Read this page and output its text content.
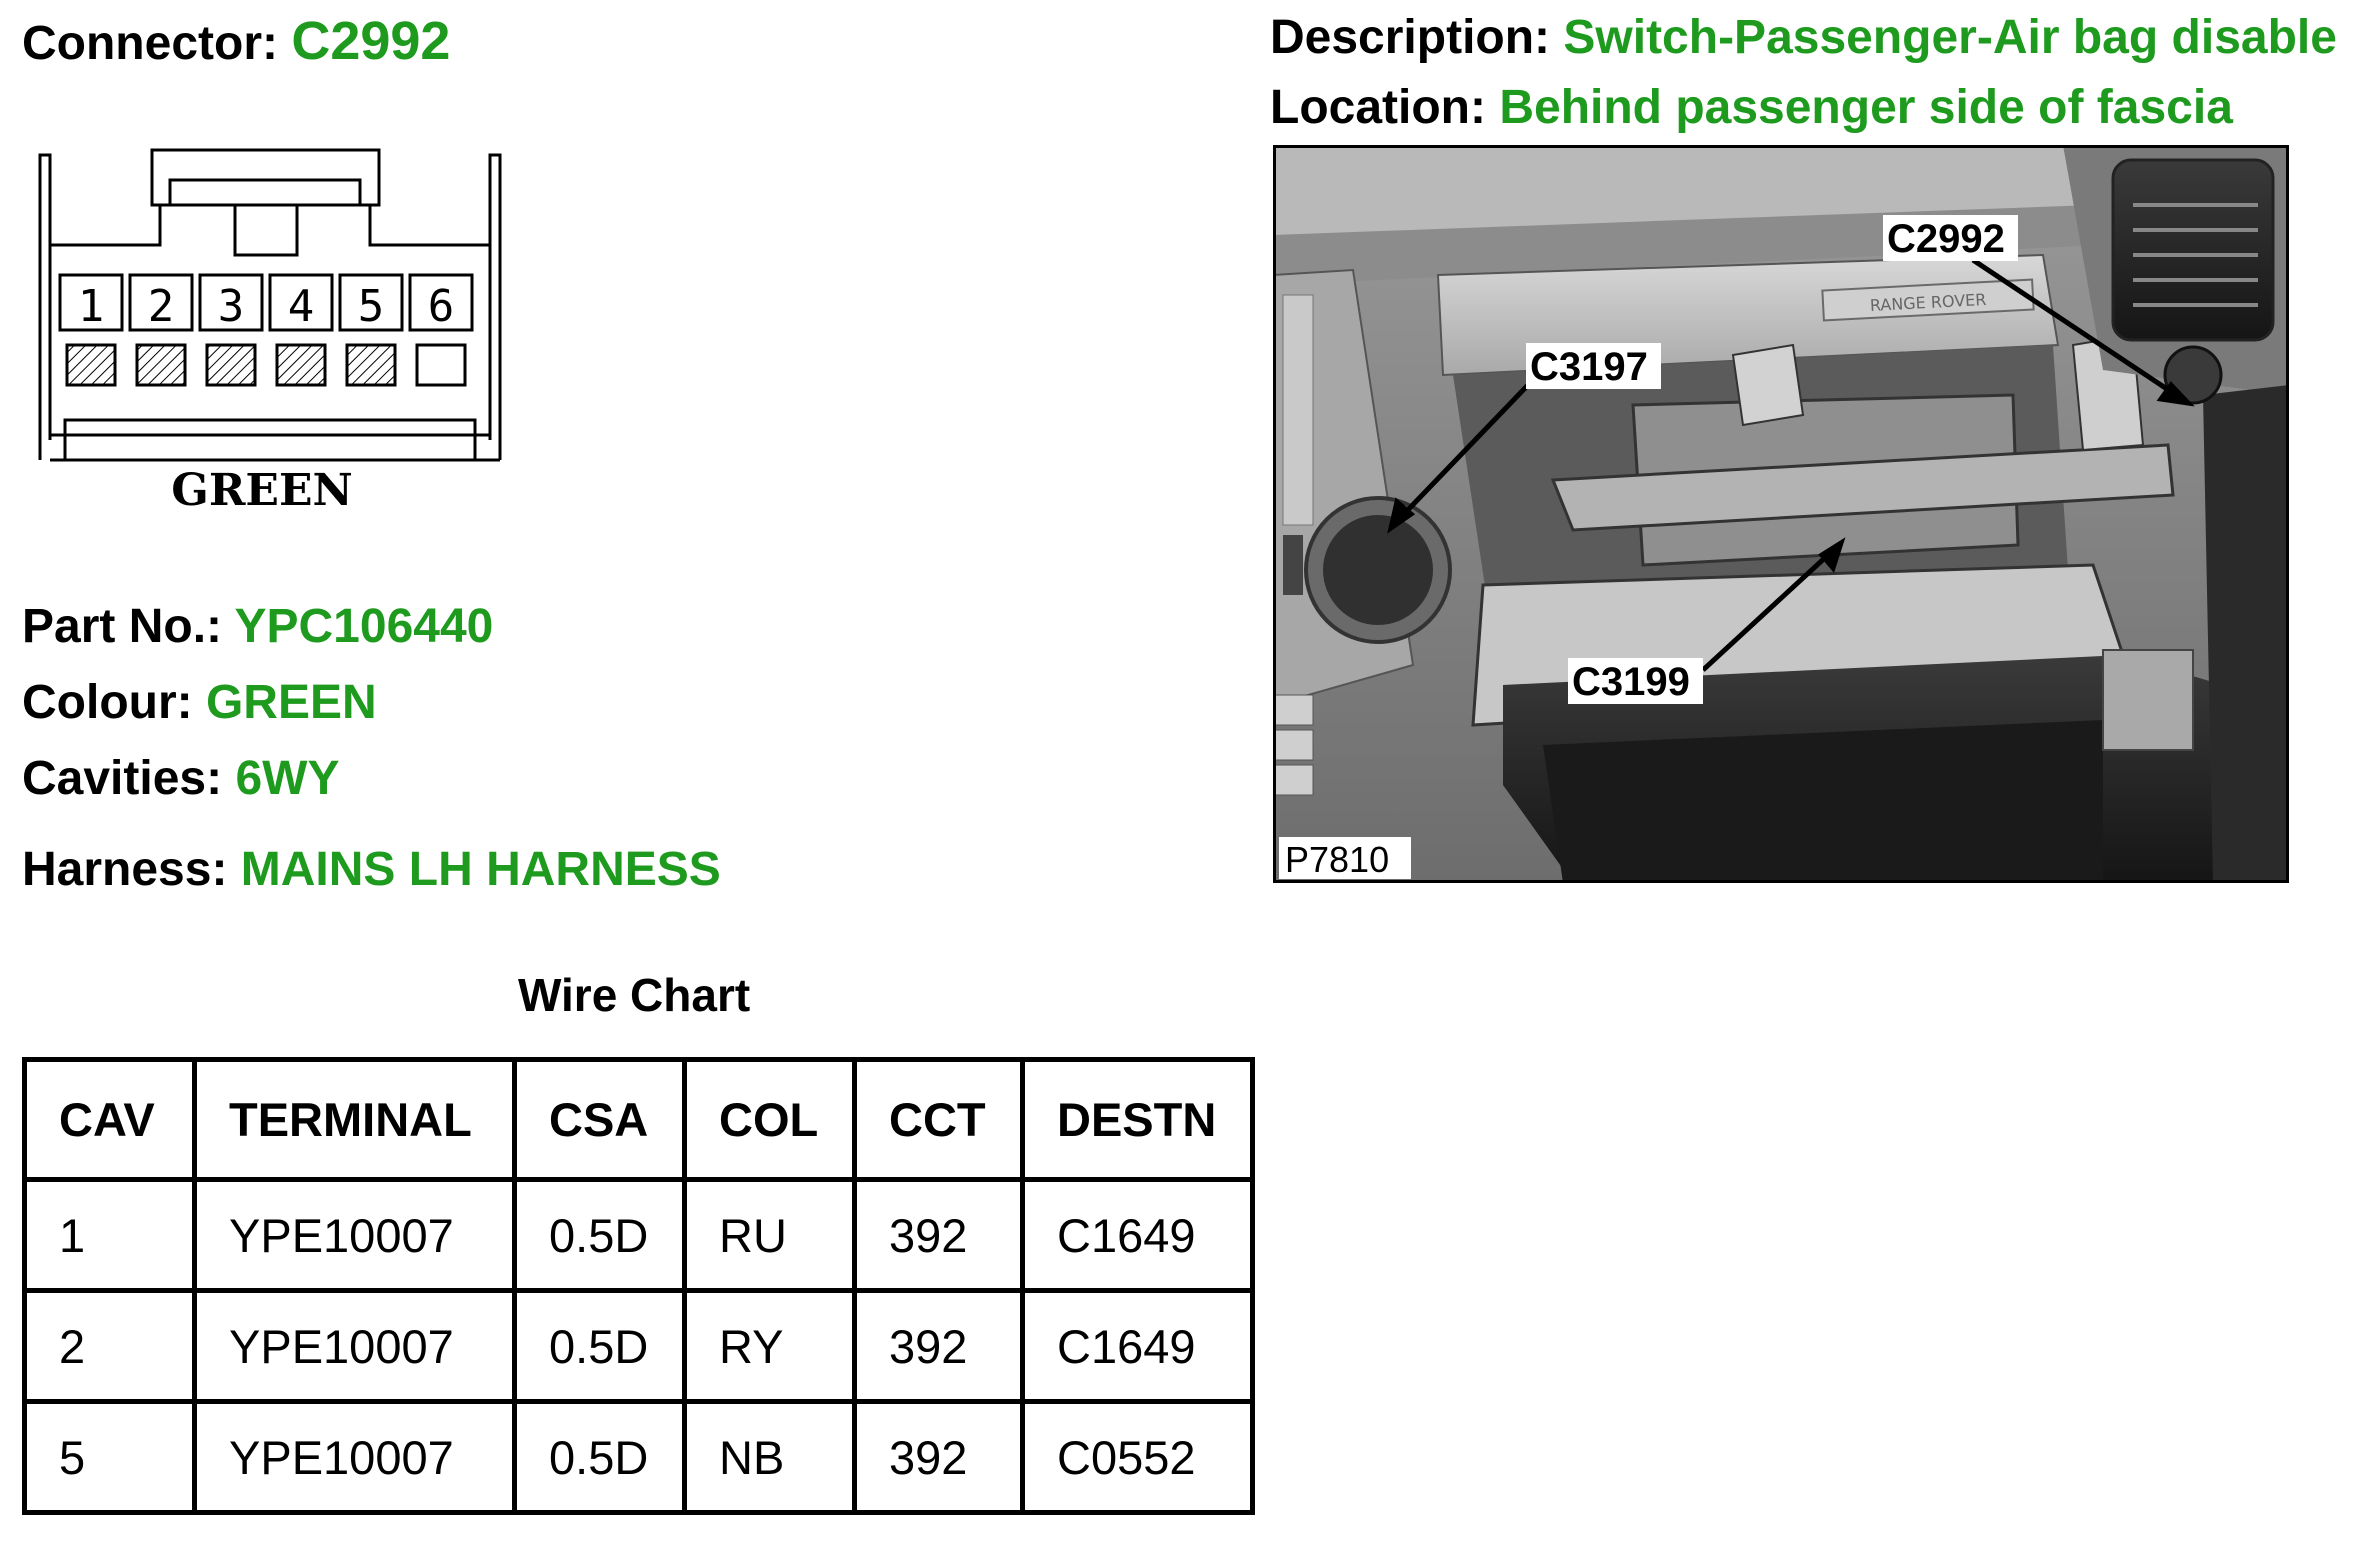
Connector: C2992	Description: Switch-Passenger-Air bag disable
Location: Behind passenger side of fascia
1 2 3 4 5 6
GREEN
Part No.: YPC106440
Colour: GREEN
Cavities: 6WY
Harness: MAINS LH HARNESS
RANGE ROVER
C2992
C3197
C3199
P7810
Wire Chart
CAV	TERMINAL	CSA	COL	CCT	DESTN
1	YPE10007	0.5D	RU	392	C1649
2	YPE10007	0.5D	RY	392	C1649
5	YPE10007	0.5D	NB	392	C0552
